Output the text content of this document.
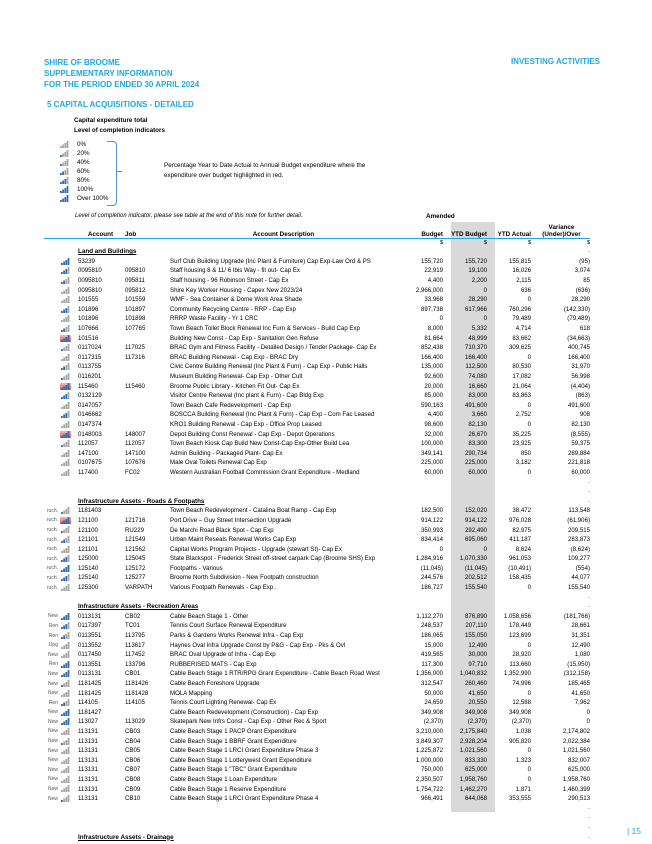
SHIRE OF BROOME
SUPPLEMENTARY INFORMATION
FOR THE PERIOD ENDED 30 APRIL 2024
INVESTING ACTIVITIES
5 CAPITAL ACQUISITIONS - DETAILED
Capital expenditure total
Level of completion indicators
0%
20%
40%
60%
80%
100%
Over 100%
Percentage Year to Date Actual to Annual Budget expenditure where the
expenditure over budget highlighted in red.
Level of completion indicator, please see table at the end of this note for further detail.	Amended
		Account	Job	Account Description	Budget	YTD Budget	YTD Actual	Variance
(Under)/Over

					$	$	$	$
		Land and Buildings						-

	53239		Surf Club Building Upgrade (Inc Plant & Furniture) Cap Exp-Law Ord & PS	155,720	155,720	155,815	(95)

	0095810	095810	Staff housing 8 & 11/ 6 Ibis Way - fit out- Cap Ex	22,919	19,100	16,026	3,074

	0095810	095811	Staff housing - 96 Robinson Street - Cap Ex	4,400	2,200	2,115	85

	0095810	095812	Shire Key Worker Housing - Capex New 2023/24	2,966,000	0	636	(636)

	101555	101559	WMF - Sea Container & Dome Work Area Shade	33,968	28,290	0	28,290

	101896	101897	Community Recycling Centre - RRP - Cap Exp	897,738	617,966	760,296	(142,330)

	101896	101898	RRRP Waste Facility - Yr 1 CRC	0	0	79,489	(79,489)

	107666	107765	Town Beach Toilet Block Renewal Inc Furn & Services - Build Cap Exp	8,000	5,332	4,714	618

	101516		Building New Const - Cap Exp - Sanitation Gen Refuse	81,664	48,999	83,662	(34,663)

	0117024	117025	BRAC Gym and Fitness Facility - Detailed Design / Tender Package- Cap Ex	852,438	710,370	309,625	400,745

	0117315	117316	BRAC Building Renewal - Cap Exp - BRAC Dry	166,400	166,400	0	166,400

	0113755		Civic Centre Building Renewal (Inc Plant & Furn) - Cap Exp - Public Halls	135,000	112,500	80,530	31,970

	0116201		Museum Building Renewal- Cap Exp - Other Cult	92,600	74,080	17,082	56,998

	115460	115460	Broome Public Library - Kitchen Fit Out- Cap Ex	20,000	16,660	21,064	(4,404)

	0132129		Visitor Centre Renewal (Inc plant & Furn) - Cap Bldg Exp	85,000	83,000	83,863	(863)

	0147057		Town Beach Cafe Redevelopment - Cap Exp	590,163	491,600	0	491,600

	0146662		BOSCCA Building Renewal (Inc Plant & Furn) - Cap Exp - Com Fac Leased	4,400	3,660	2,752	908

	0147374		KRO1 Building Renewal - Cap Exp - Office Prop Leased	98,600	82,130	0	82,130

	0148003	148007	Depot Building Const Renewal - Cap Exp - Depot Operations	32,000	26,670	35,225	(8,555)

	112057	112057	Town Beach Kiosk Cap Build New Const-Cap Exp-Other Build Lea	100,000	83,300	23,925	59,375

	147100	147100	Admin Building - Packaged Plant- Cap Ex	349,141	290,734	850	289,884

	0107675	107676	Male Oval Toilets Renewal Cap Exp	225,000	225,000	3,182	221,818

	117400	FC02	Western Australian Football Commission Grant Expenditure - Medland	60,000	60,000	0	60,000
								-
								-
		Infrastructure Assets - Roads & Footpaths						-
ruch.		1181403		Town Beach Redevelopment - Catalina Boat Ramp - Cap Exp	182,500	152,020	38,472	113,548
ruch.		121100	121716	Port Drive – Guy Street Intersection Upgrade	914,122	914,122	976,028	(61,906)
ruch.		121100	RU229	De Marchi Road Black Spot - Cap Exp	350,993	292,490	82,975	209,515
ruch.		121101	121549	Urban Maint Reseals Renewal Works Cap Exp	834,414	695,060	411,187	283,873
ruch.		121101	121562	Capital Works Program Projects - Upgrade (stewart St)- Cap Ex	0	0	8,624	(8,624)
ruch.		125000	125045	State Blackspot - Frederick Street off-street carpark Cap (Broome SHS) Exp	1,284,916	1,070,330	961,053	109,277
ruch.		125140	125172	Footpaths - Various	(11,045)	(11,045)	(10,491)	(554)
ruch.		125140	125277	Broome North Subdivision - New Footpath construction	244,576	202,512	158,435	44,077
ruch.		125300	VARPATH	Various Footpath Renewals - Cap Exp .	186,727	155,540	0	155,540
								-
		Infrastructure Assets - Recreation Areas						-
New		0113131	CB02	Cable Beach Stage 1 - Other	1,112,270	876,890	1,058,656	(181,766)
Ren		0117397	TC01	Tennis Court Surface Renewal Expenditure	248,537	207,110	178,449	28,661
Ren		0113551	113795	Parks & Gardens Works Renewal Infra - Cap Exp	186,065	155,050	123,699	31,351
Upg		0113552	113617	Haynes Oval Infra Upgrade Const by P&G - Cap Exp - Pks & Ovl	15,000	12,490	0	12,490
New		0117450	117452	BRAC Oval Upgrade of Infra - Cap Exp	419,565	30,000	28,920	1,080
Ren		0113551	133796	RUBBERISED MATS - Cap Exp	117,300	97,710	113,660	(15,950)
New		0113131	CB01	Cable Beach Stage 1 RTR/RPG Grant Expenditure - Cable Beach Road West	1,356,000	1,040,832	1,352,990	(312,158)
New		1181425	1181426	Cable Beach Foreshore Upgrade	312,547	260,460	74,996	185,465
New		1181425	1181428	MOLA Mapping	50,000	41,650	0	41,650
Ren		114105	114105	Tennis Court Lighting Renewal- Cap Ex	24,659	20,550	12,588	7,962
New		1181427		Cable Beach Redevelopment (Construction) - Cap Exp	349,908	349,908	349,908	0
New		113027	113029	Skatepark New Infrs Const - Cap Exp - Other Rec & Sport	(2,370)	(2,370)	(2,370)	0
New		113131	CB03	Cable Beach Stage 1 PACP Grant Expenditure	3,210,000	2,175,840	1,038	2,174,802
New		113131	CB04	Cable Beach Stage 1 BBRF Grant Expenditure	3,849,307	2,928,204	905,820	2,022,384
New		113131	CB05	Cable Beach Stage 1 LRCI Grant Expenditure Phase 3	1,225,872	1,021,560	0	1,021,560
New		113131	CB06	Cable Beach Stage 1 Lotterywest Grant Expenditure	1,000,000	833,330	1,323	832,007
New		113131	CB07	Cable Beach Stage 1 "TBC" Grant Expenditure	750,000	625,000	0	625,000
New		113131	CB08	Cable Beach Stage 1 Loan Expenditure	2,350,507	1,958,760	0	1,958,760
New		113131	CB09	Cable Beach Stage 1 Reserve Expenditure	1,754,722	1,462,270	1,871	1,460,399
New		113131	CB10	Cable Beach Stage 1 LRCI Grant Expenditure Phase 4	966,491	644,068	353,555	290,513
								-
								-
								-
		Infrastructure Assets - Drainage						-
| 15
